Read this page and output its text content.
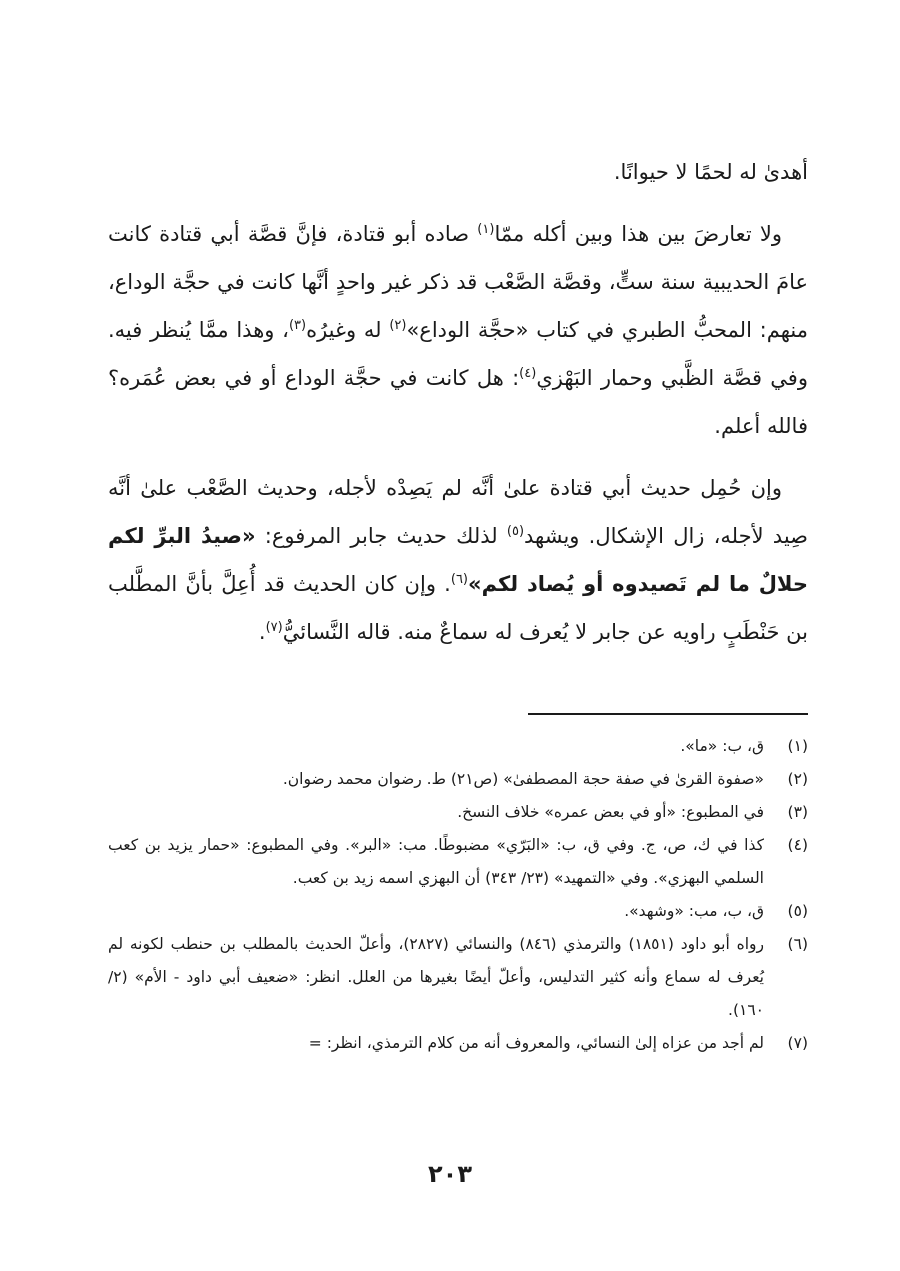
أهدىٰ له لحمًا لا حيوانًا.

ولا تعارضَ بين هذا وبين أكله ممّا$^{(١)}$ صاده أبو قتادة، فإنَّ قصَّة أبي قتادة كانت عامَ الحديبية سنة ستٍّ، وقصَّة الصَّعْب قد ذكر غير واحدٍ أنَّها كانت في حجَّة الوداع، منهم: المحبُّ الطبري في كتاب «حجَّة الوداع»$^{(٢)}$ له وغيرُه$^{(٣)}$، وهذا ممَّا يُنظر فيه. وفي قصَّة الظَّبي وحمار البَهْزي$^{(٤)}$: هل كانت في حجَّة الوداع أو في بعض عُمَره؟ فالله أعلم.

وإن حُمِل حديث أبي قتادة علىٰ أنَّه لم يَصِدْه لأجله، وحديث الصَّعْب علىٰ أنَّه صِيد لأجله، زال الإشكال. ويشهد$^{(٥)}$ لذلك حديث جابر المرفوع: «صيدُ البرِّ لكم حلالٌ ما لم تَصيدوه أو يُصاد لكم»$^{(٦)}$. وإن كان الحديث قد أُعِلَّ بأنَّ المطَّلب بن حَنْطَبٍ راويه عن جابر لا يُعرف له سماعٌ منه. قاله النَّسائيُّ$^{(٧)}$.

(١)
ق، ب: «ما».
(٢)
«صفوة القرىٰ في صفة حجة المصطفىٰ» (ص٢١) ط. رضوان محمد رضوان.
(٣)
في المطبوع: «أو في بعض عمره» خلاف النسخ.
(٤)
كذا في ك، ص، ج. وفي ق، ب: «البَرّي» مضبوطًا. مب: «البر». وفي المطبوع: «حمار يزيد بن كعب السلمي البهزي». وفي «التمهيد» (٢٣/ ٣٤٣) أن البهزي اسمه زيد بن كعب.
(٥)
ق، ب، مب: «وشهد».
(٦)
رواه أبو داود (١٨٥١) والترمذي (٨٤٦) والنسائي (٢٨٢٧)، وأعلّ الحديث بالمطلب بن حنطب لكونه لم يُعرف له سماع وأنه كثير التدليس، وأعلّ أيضًا بغيرها من العلل. انظر: «ضعيف أبي داود - الأم» (٢/ ١٦٠).
(٧)
لم أجد من عزاه إلىٰ النسائي، والمعروف أنه من كلام الترمذي، انظر: =
٢٠٣
